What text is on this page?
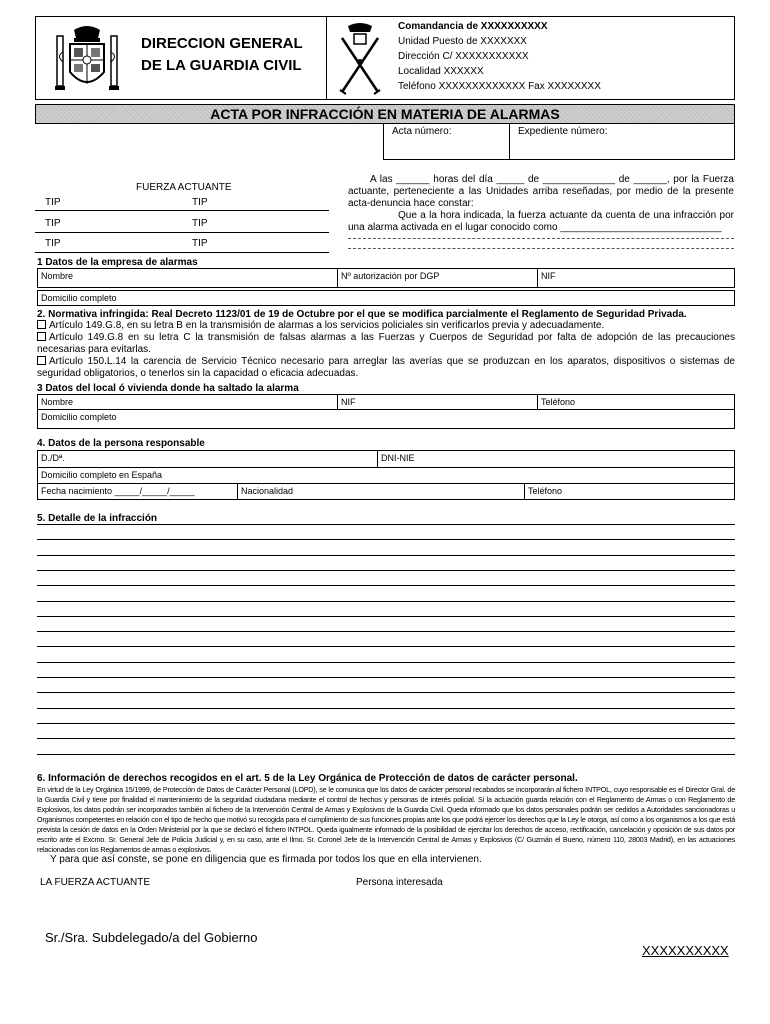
DIRECCION GENERAL
DE LA GUARDIA CIVIL
Comandancia de XXXXXXXXXX
Unidad Puesto de XXXXXXX
Dirección C/ XXXXXXXXXXX
Localidad XXXXXX
Teléfono XXXXXXXXXXXXX Fax XXXXXXXX
ACTA POR INFRACCIÓN EN MATERIA DE ALARMAS
Acta número:	Expediente número:
FUERZA ACTUANTE
TIP	TIP
TIP	TIP
TIP	TIP
A las ______ horas del día _____ de _____________ de ______, por la Fuerza actuante, perteneciente a las Unidades arriba reseñadas, por medio de la presente acta-denuncia hace constar:
Que a la hora indicada, la fuerza actuante da cuenta de una infracción por una alarma activada en el lugar conocido como _____________________________
1 Datos de la empresa de alarmas
Nombre	Nº autorización por DGP	NIF
Domicilio completo
2. Normativa infringida: Real Decreto 1123/01 de 19 de Octubre por el que se modifica parcialmente el Reglamento de Seguridad Privada.
Artículo 149.G.8, en su letra B en la transmisión de alarmas a los servicios policiales sin verificarlos previa y adecuadamente.
Artículo 149.G.8 en su letra C la transmisión de falsas alarmas a las Fuerzas y Cuerpos de Seguridad por falta de adopción de las precauciones necesarias para evitarlas.
Artículo 150.L.14 la carencia de Servicio Técnico necesario para arreglar las averías que se produzcan en los aparatos, dispositivos o sistemas de seguridad obligatorios, o tenerlos sin la capacidad o eficacia adecuadas.
3 Datos del local ó vivienda donde ha saltado la alarma
Nombre	NIF	Teléfono
Domicilio completo
4. Datos de la persona responsable
D./Dª.	DNI-NIE
Domicilio completo en España
Fecha nacimiento _____/_____/_____	Nacionalidad	Teléfono
5. Detalle de la infracción
6. Información de derechos recogidos en el art. 5 de la Ley Orgánica de Protección de datos de carácter personal.
En virtud de la Ley Orgánica 15/1999, de Protección de Datos de Carácter Personal (LOPD), se le comunica que los datos de carácter personal recabados se incorporarán al fichero INTPOL, cuyo responsable es el Director Gral. de la Guardia Civil y tiene por finalidad el mantenimiento de la seguridad ciudadana mediante el control de hechos y personas de interés policial. Si la actuación guarda relación con el Reglamento de Armas o con Reglamento de Explosivos, los datos podrán ser incorporados también al fichero de la Intervención Central de Armas y Explosivos de la Guardia Civil. Queda informado que los datos personales podrán ser cedidos a Autoridades sancionadoras u Organismos competentes en relación con el tipo de hecho que motivó su recogida para el cumplimiento de sus funciones propias ante los que podrá ejercer los derechos que la Ley le otorga, así como a los organismos a los que está prevista la cesión de datos en la Orden Ministerial por la que se declaró el fichero INTPOL. Queda igualmente informado de la posibilidad de ejercitar los derechos de acceso, rectificación, cancelación y oposición de sus datos por escrito ante el Excmo. Sr. General Jefe de Policía Judicial y, en su caso, ante el Ilmo. Sr. Coronel Jefe de la Intervención Central de Armas y Explosivos (C/ Guzmán el Bueno, número 110, 28003 Madrid), en las actuaciones relacionadas con los Reglamentos de armas o explosivos.
Y para que así conste, se pone en diligencia que es firmada por todos los que en ella intervienen.
LA FUERZA ACTUANTE	Persona interesada
Sr./Sra. Subdelegado/a del Gobierno
XXXXXXXXXX
